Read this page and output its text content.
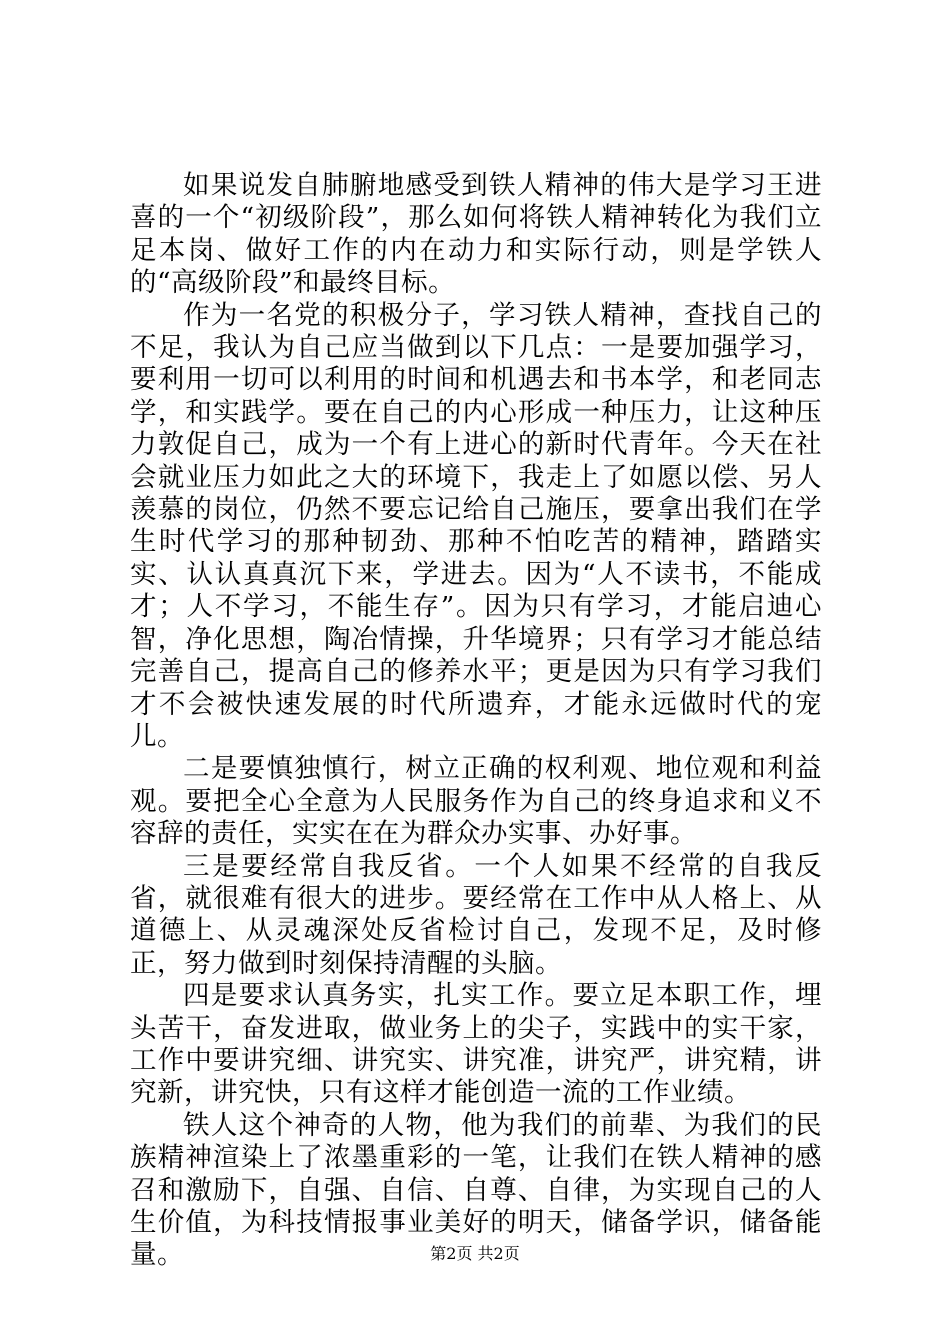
如果说发自肺腑地感受到铁人精神的伟大是学习王进喜的一个“初级阶段”，那么如何将铁人精神转化为我们立足本岗、做好工作的内在动力和实际行动，则是学铁人的“高级阶段”和最终目标。

作为一名党的积极分子，学习铁人精神，查找自己的不足，我认为自己应当做到以下几点：一是要加强学习，要利用一切可以利用的时间和机遇去和书本学，和老同志学，和实践学。要在自己的内心形成一种压力，让这种压力敦促自己，成为一个有上进心的新时代青年。今天在社会就业压力如此之大的环境下，我走上了如愿以偿、另人羡慕的岗位，仍然不要忘记给自己施压，要拿出我们在学生时代学习的那种韧劲、那种不怕吃苦的精神，踏踏实实、认认真真沉下来，学进去。因为“人不读书，不能成才；人不学习，不能生存”。因为只有学习，才能启迪心智，净化思想，陶冶情操，升华境界；只有学习才能总结完善自己，提高自己的修养水平；更是因为只有学习我们才不会被快速发展的时代所遗弃，才能永远做时代的宠儿。

二是要慎独慎行，树立正确的权利观、地位观和利益观。要把全心全意为人民服务作为自己的终身追求和义不容辞的责任，实实在在为群众办实事、办好事。

三是要经常自我反省。一个人如果不经常的自我反省，就很难有很大的进步。要经常在工作中从人格上、从道德上、从灵魂深处反省检讨自己，发现不足，及时修正，努力做到时刻保持清醒的头脑。

四是要求认真务实，扎实工作。要立足本职工作，埋头苦干，奋发进取，做业务上的尖子，实践中的实干家，工作中要讲究细、讲究实、讲究准，讲究严，讲究精，讲究新，讲究快，只有这样才能创造一流的工作业绩。

铁人这个神奇的人物，他为我们的前辈、为我们的民族精神渲染上了浓墨重彩的一笔，让我们在铁人精神的感召和激励下，自强、自信、自尊、自律，为实现自己的人生价值，为科技情报事业美好的明天，储备学识，储备能量。	第2页 共2页
